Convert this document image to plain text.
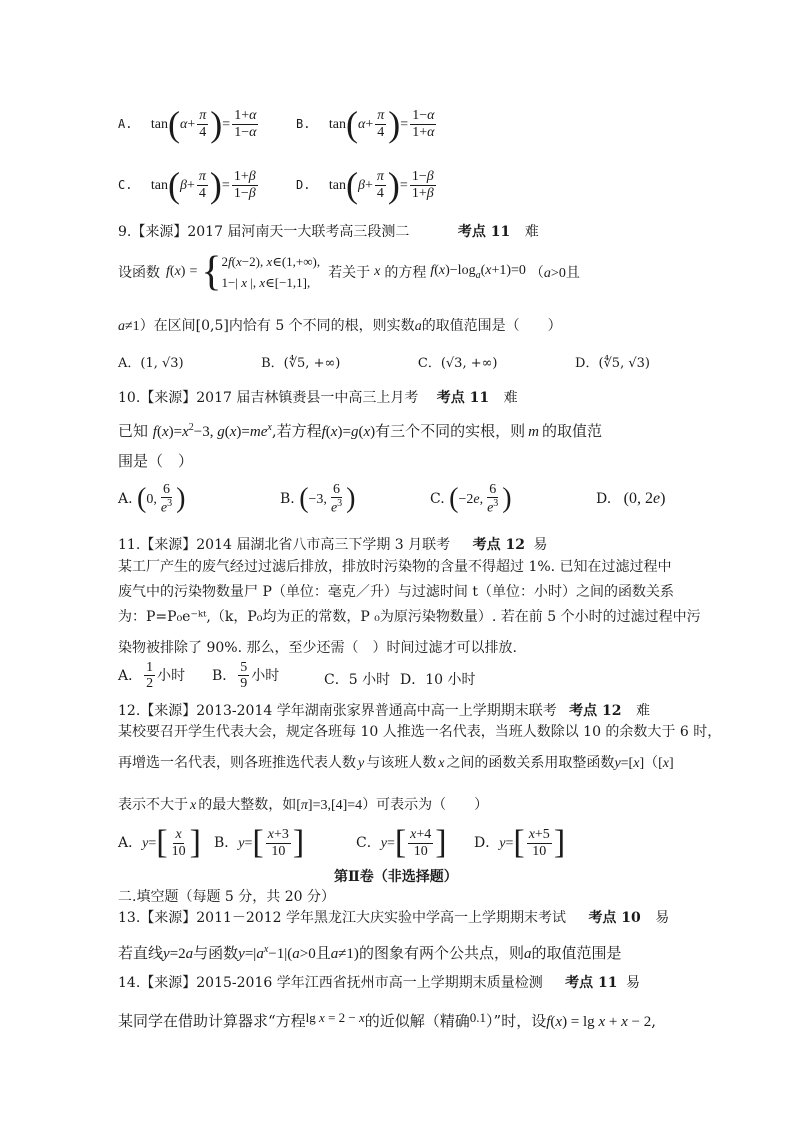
A. $\tan(\alpha+ \frac{\pi}{4}$ )= $\frac{1+\alpha}{1-\alpha}$	B. $\tan(\alpha+ \frac{\pi}{4}$ )= $\frac{1-\alpha}{1+\alpha}$
C. $\tan(\beta+ \frac{\pi}{4}$ )= $\frac{1+\beta}{1-\beta}$	D. $\tan(\beta+ \frac{\pi}{4}$ )= $\frac{1-\beta}{1+\beta}$
9.【来源】2017 届河南天一大联考高三段测二	考点 11 难
设函数 f ( x ) = { 2f(x−2), x∈(1,+∞),
1−| x |, x∈[−1,1],
若关于 x 的方程 $f(x)-\log_a(x+1)=0$ （a>0 且
a≠1）在区间[0,5]内恰有 5 个不同的根，则实数a的取值范围是（　　）
A．(1, √3)	B．(∜5, +∞)	C．(√3, +∞)	D．(∜5, √3)
10.【来源】2017 届吉林镇赉县一中高三上月考 考点 11 难
已知 $f(x)=x^2-3$, $g(x)=me^x$,若方程f(x)=g(x)有三个不同的实根，则 m 的取值范
围是（　）
A. (0, $\frac{6}{e^3}$ )	B. (−3, $\frac{6}{e^3}$ )	C. (−2e, $\frac{6}{e^3}$ )	D. (0, 2e)
11.【来源】2014 届湖北省八市高三下学期 3 月联考 考点 12 易
某工厂产生的废气经过过滤后排放，排放时污染物的含量不得超过 1%. 已知在过滤过程中
废气中的污染物数量尸 P（单位：毫克／升）与过滤时间 t（单位：小时）之间的函数关系
为：P=P₀e⁻ᵏᵗ,（k，P₀均为正的常数，P ₀为原污染物数量）. 若在前 5 个小时的过滤过程中污
染物被排除了 90%. 那么，至少还需（　）时间过滤才可以排放.
A． $\frac{1}{2}$ 小时 B． $\frac{5}{9}$ 小时	C．5 小时 D．10 小时
12.【来源】2013-2014 学年湖南张家界普通高中高一上学期期末联考 考点 12 难
某校要召开学生代表大会，规定各班每 10 人推选一名代表，当班人数除以 10 的余数大于 6 时，
再增选一名代表，则各班推选代表人数 y 与该班人数 x 之间的函数关系用取整函数y=[x]（[x]
表示不大于 x 的最大整数，如[π]=3,[4]=4）可表示为（　　）
A．$y=[ \frac{x}{10}$ ] B．$y=[ \frac{x+3}{10}$ ]	C．$y=[ \frac{x+4}{10}$ ] D．$y=[ \frac{x+5}{10}$ ]
第Ⅱ卷（非选择题）
二.填空题（每题 5 分，共 20 分）
13.【来源】2011－2012 学年黑龙江大庆实验中学高一上学期期末考试 考点 10 易
若直线y=2a与函数$y=|a^x-1|(a>0$且a≠1)的图象有两个公共点，则a的取值范围是
14.【来源】2015-2016 学年江西省抚州市高一上学期期末质量检测 考点 11 易
某同学在借助计算器求“方程lg x = 2 − x的近似解（精确0.1）”时，设f(x) = lg x + x − 2,
